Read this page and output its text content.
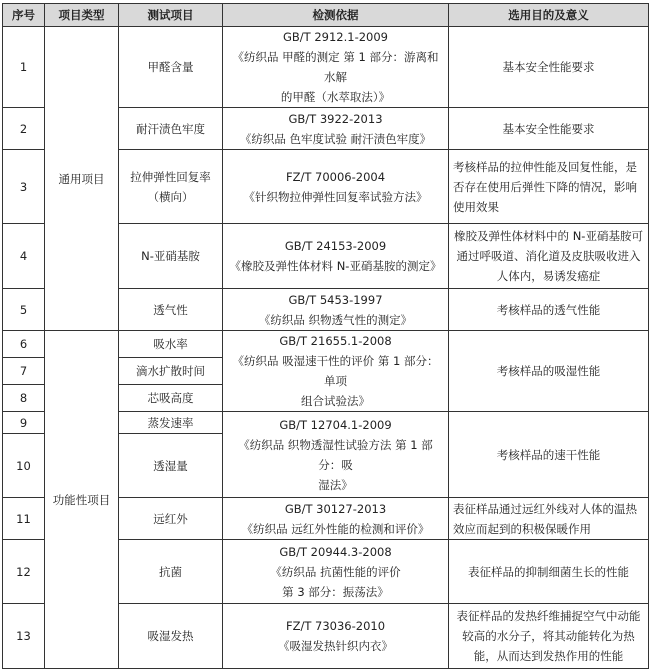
序号	项目类型	测试项目	检测依据	选用目的及意义
1	通用项目	甲醛含量	GB/T 2912.1-2009
《纺织品 甲醛的测定 第 1 部分：游离和水解
的甲醛（水萃取法）》	基本安全性能要求
2		耐汗渍色牢度	GB/T 3922-2013
《纺织品 色牢度试验 耐汗渍色牢度》	基本安全性能要求
3		拉伸弹性回复率
（横向）	FZ/T 70006-2004
《针织物拉伸弹性回复率试验方法》	考核样品的拉伸性能及回复性能，是否存在使用后弹性下降的情况，影响使用效果
4		N-亚硝基胺	GB/T 24153-2009
《橡胶及弹性体材料 N-亚硝基胺的测定》	橡胶及弹性体材料中的 N-亚硝基胺可通过呼吸道、消化道及皮肤吸收进入人体内，易诱发癌症
5		透气性	GB/T 5453-1997
《纺织品 织物透气性的测定》	考核样品的透气性能
6	功能性项目	吸水率	GB/T 21655.1-2008
《纺织品 吸湿速干性的评价 第 1 部分：单项
组合试验法》	考核样品的吸湿性能
7		滴水扩散时间		
8		芯吸高度		
9		蒸发速率	GB/T 12704.1-2009
《纺织品 织物透湿性试验方法 第 1 部分：吸
湿法》	考核样品的速干性能
10		透湿量		
11		远红外	GB/T 30127-2013
《纺织品 远红外性能的检测和评价》	表征样品通过远红外线对人体的温热效应而起到的积极保暖作用
12		抗菌	GB/T 20944.3-2008
《纺织品 抗菌性能的评价
第 3 部分：振荡法》	表征样品的抑制细菌生长的性能
13		吸湿发热	FZ/T 73036-2010
《吸湿发热针织内衣》	表征样品的发热纤维捕捉空气中动能较高的水分子，将其动能转化为热能，从而达到发热作用的性能
